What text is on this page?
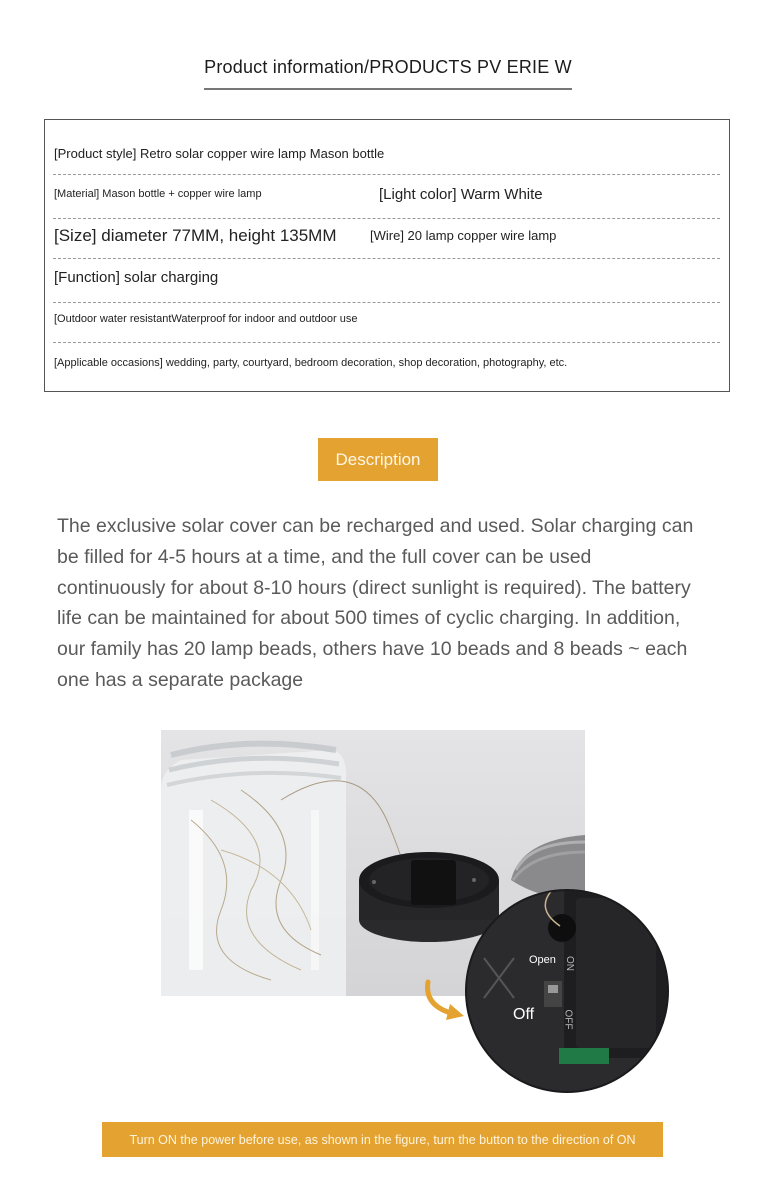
Product information/PRODUCTS PV ERIE W
[Product style] Retro solar copper wire lamp Mason bottle
[Material] Mason bottle + copper wire lamp	[Light color] Warm White
[Size] diameter 77MM, height 135MM	[Wire] 20 lamp copper wire lamp
[Function] solar charging
[Outdoor water resistantWaterproof for indoor and outdoor use
[Applicable occasions] wedding, party, courtyard, bedroom decoration, shop decoration, photography, etc.
Description
The exclusive solar cover can be recharged and used. Solar charging can be filled for 4-5 hours at a time, and the full cover can be used continuously for about 8-10 hours (direct sunlight is required). The battery life can be maintained for about 500 times of cyclic charging. In addition, our family has 20 lamp beads, others have 10 beads and 8 beads ~ each one has a separate package
Open
Off
ON
OFF
Turn ON the power before use, as shown in the figure, turn the button to the direction of ON
